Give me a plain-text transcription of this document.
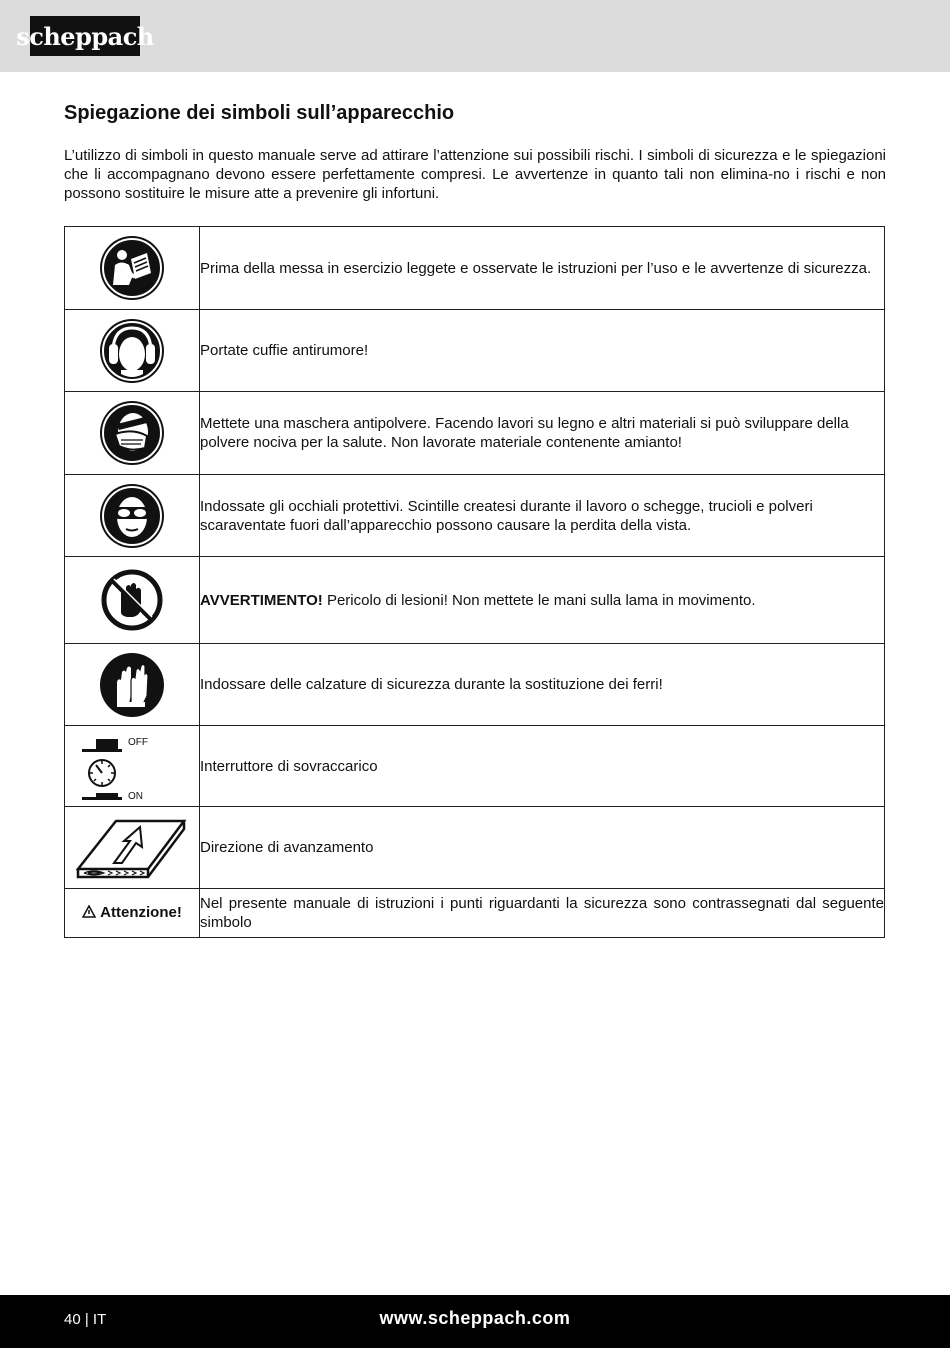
scheppach
Spiegazione dei simboli sull’apparecchio

L’utilizzo di simboli in questo manuale serve ad attirare l’attenzione sui possibili rischi. I simboli di sicurezza e le spiegazioni che li accompagnano devono essere perfettamente compresi. Le avvertenze in quanto tali non elimina-no i rischi e non possono sostituire le misure atte a prevenire gli infortuni.

	Prima della messa in esercizio leggete e osservate le istruzioni per l’uso e le avvertenze di sicurezza.

	Portate cuffie antirumore!

	Mettete una maschera antipolvere. Facendo lavori su legno e altri materiali si può sviluppare della polvere nociva per la salute. Non lavorate materiale contenente amianto!

	Indossate gli occhiali protettivi. Scintille createsi durante il lavoro o schegge, trucioli e polveri scaraventate fuori dall’apparecchio possono causare la perdita della vista.

	AVVERTIMENTO! Pericolo di lesioni! Non mettete le mani sulla lama in movimento.

	Indossare delle calzature di sicurezza durante la sostituzione dei ferri!

OFF
ON	Interruttore di sovraccarico

	Direzione di avanzamento
Attenzione!	Nel presente manuale di istruzioni i punti riguardanti la sicurezza sono contrassegnati dal seguente simbolo
40 | IT	www.scheppach.com
